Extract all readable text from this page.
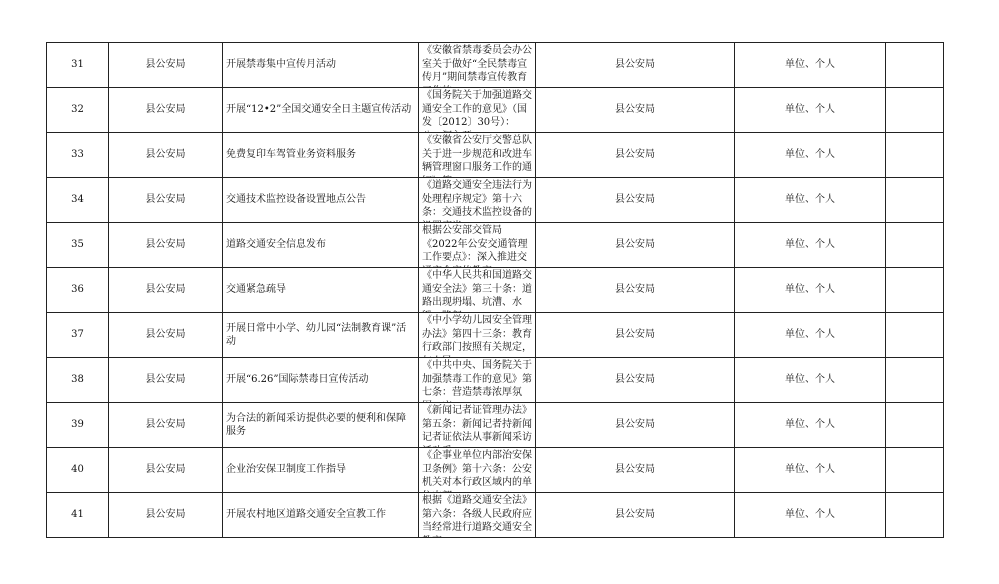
31	县公安局	开展禁毒集中宣传月活动	《安徽省禁毒委员会办公室关于做好“全民禁毒宣传月”期间禁毒宣传教育	县公安局	单位、个人	
32	县公安局	开展“12•2”全国交通安全日主题宣传活动	《国务院关于加强道路交通安全工作的意见》（国发〔2012〕30号）：	县公安局	单位、个人	
33	县公安局	免费复印车驾管业务资料服务	《安徽省公安厅交警总队关于进一步规范和改进车辆管理窗口服务工作的通	县公安局	单位、个人	
34	县公安局	交通技术监控设备设置地点公告	《道路交通安全违法行为处理程序规定》第十六条：交通技术监控设备的	县公安局	单位、个人	
35	县公安局	道路交通安全信息发布	根据公安部交管局《2022年公安交通管理工作要点》：深入推进交	县公安局	单位、个人	
36	县公安局	交通紧急疏导	《中华人民共和国道路交通安全法》第三十条：道路出现坍塌、坑漕、水	县公安局	单位、个人	
37	县公安局	开展日常中小学、幼儿园“法制教育课”活动	《中小学幼儿园安全管理办法》第四十三条：教育行政部门按照有关规定，	县公安局	单位、个人	
38	县公安局	开展“6.26”国际禁毒日宣传活动	《中共中央、国务院关于加强禁毒工作的意见》第七条：营造禁毒浓厚氛	县公安局	单位、个人	
39	县公安局	为合法的新闻采访提供必要的便利和保障服务	《新闻记者证管理办法》第五条：新闻记者持新闻记者证依法从事新闻采访	县公安局	单位、个人	
40	县公安局	企业治安保卫制度工作指导	《企事业单位内部治安保卫条例》第十六条：公安机关对本行政区域内的单	县公安局	单位、个人	
41	县公安局	开展农村地区道路交通安全宣教工作	根据《道路交通安全法》第六条：各级人民政府应当经常进行道路交通安全	县公安局	单位、个人	
